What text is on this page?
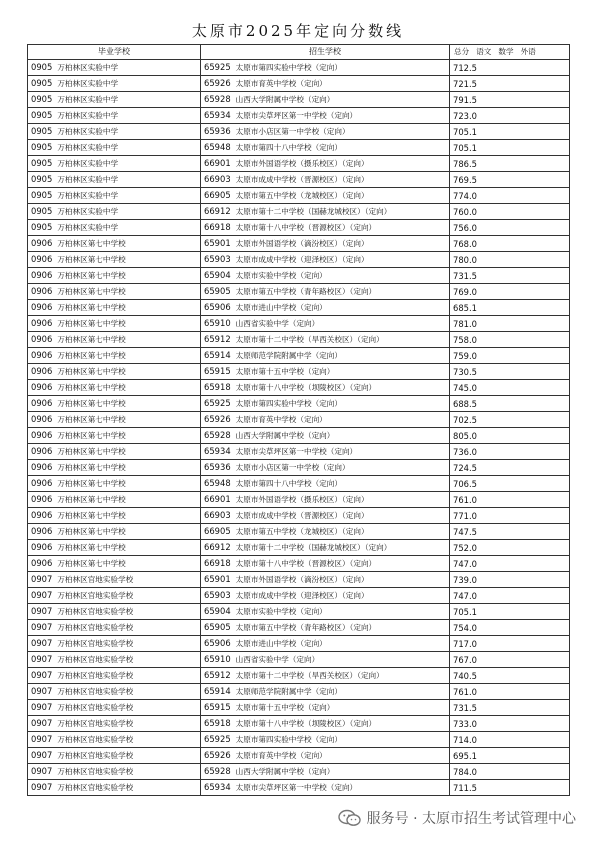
太原市2025年定向分数线
毕业学校	招生学校	总分 语文 数学 外语
0905 万柏林区实验中学	65925 太原市第四实验中学校（定向）	712.5
0905 万柏林区实验中学	65926 太原市育英中学校（定向）	721.5
0905 万柏林区实验中学	65928 山西大学附属中学校（定向）	791.5
0905 万柏林区实验中学	65934 太原市尖草坪区第一中学校（定向）	723.0
0905 万柏林区实验中学	65936 太原市小店区第一中学校（定向）	705.1
0905 万柏林区实验中学	65948 太原市第四十八中学校（定向）	705.1
0905 万柏林区实验中学	66901 太原市外国语学校（摄乐校区）（定向）	786.5
0905 万柏林区实验中学	66903 太原市成成中学校（晋源校区）（定向）	769.5
0905 万柏林区实验中学	66905 太原市第五中学校（龙城校区）（定向）	774.0
0905 万柏林区实验中学	66912 太原市第十二中学校（国赫龙城校区）（定向）	760.0
0905 万柏林区实验中学	66918 太原市第十八中学校（晋源校区）（定向）	756.0
0906 万柏林区第七中学校	65901 太原市外国语学校（滴汾校区）（定向）	768.0
0906 万柏林区第七中学校	65903 太原市成成中学校（迎泽校区）（定向）	780.0
0906 万柏林区第七中学校	65904 太原市实验中学校（定向）	731.5
0906 万柏林区第七中学校	65905 太原市第五中学校（青年路校区）（定向）	769.0
0906 万柏林区第七中学校	65906 太原市进山中学校（定向）	685.1
0906 万柏林区第七中学校	65910 山西省实验中学（定向）	781.0
0906 万柏林区第七中学校	65912 太原市第十二中学校（旱西关校区）（定向）	758.0
0906 万柏林区第七中学校	65914 太原师范学院附属中学（定向）	759.0
0906 万柏林区第七中学校	65915 太原市第十五中学校（定向）	730.5
0906 万柏林区第七中学校	65918 太原市第十八中学校（坝陵校区）（定向）	745.0
0906 万柏林区第七中学校	65925 太原市第四实验中学校（定向）	688.5
0906 万柏林区第七中学校	65926 太原市育英中学校（定向）	702.5
0906 万柏林区第七中学校	65928 山西大学附属中学校（定向）	805.0
0906 万柏林区第七中学校	65934 太原市尖草坪区第一中学校（定向）	736.0
0906 万柏林区第七中学校	65936 太原市小店区第一中学校（定向）	724.5
0906 万柏林区第七中学校	65948 太原市第四十八中学校（定向）	706.5
0906 万柏林区第七中学校	66901 太原市外国语学校（摄乐校区）（定向）	761.0
0906 万柏林区第七中学校	66903 太原市成成中学校（晋源校区）（定向）	771.0
0906 万柏林区第七中学校	66905 太原市第五中学校（龙城校区）（定向）	747.5
0906 万柏林区第七中学校	66912 太原市第十二中学校（国赫龙城校区）（定向）	752.0
0906 万柏林区第七中学校	66918 太原市第十八中学校（晋源校区）（定向）	747.0
0907 万柏林区官地实验学校	65901 太原市外国语学校（滴汾校区）（定向）	739.0
0907 万柏林区官地实验学校	65903 太原市成成中学校（迎泽校区）（定向）	747.0
0907 万柏林区官地实验学校	65904 太原市实验中学校（定向）	705.1
0907 万柏林区官地实验学校	65905 太原市第五中学校（青年路校区）（定向）	754.0
0907 万柏林区官地实验学校	65906 太原市进山中学校（定向）	717.0
0907 万柏林区官地实验学校	65910 山西省实验中学（定向）	767.0
0907 万柏林区官地实验学校	65912 太原市第十二中学校（旱西关校区）（定向）	740.5
0907 万柏林区官地实验学校	65914 太原师范学院附属中学（定向）	761.0
0907 万柏林区官地实验学校	65915 太原市第十五中学校（定向）	731.5
0907 万柏林区官地实验学校	65918 太原市第十八中学校（坝陵校区）（定向）	733.0
0907 万柏林区官地实验学校	65925 太原市第四实验中学校（定向）	714.0
0907 万柏林区官地实验学校	65926 太原市育英中学校（定向）	695.1
0907 万柏林区官地实验学校	65928 山西大学附属中学校（定向）	784.0
0907 万柏林区官地实验学校	65934 太原市尖草坪区第一中学校（定向）	711.5
服务号 · 太原市招生考试管理中心
